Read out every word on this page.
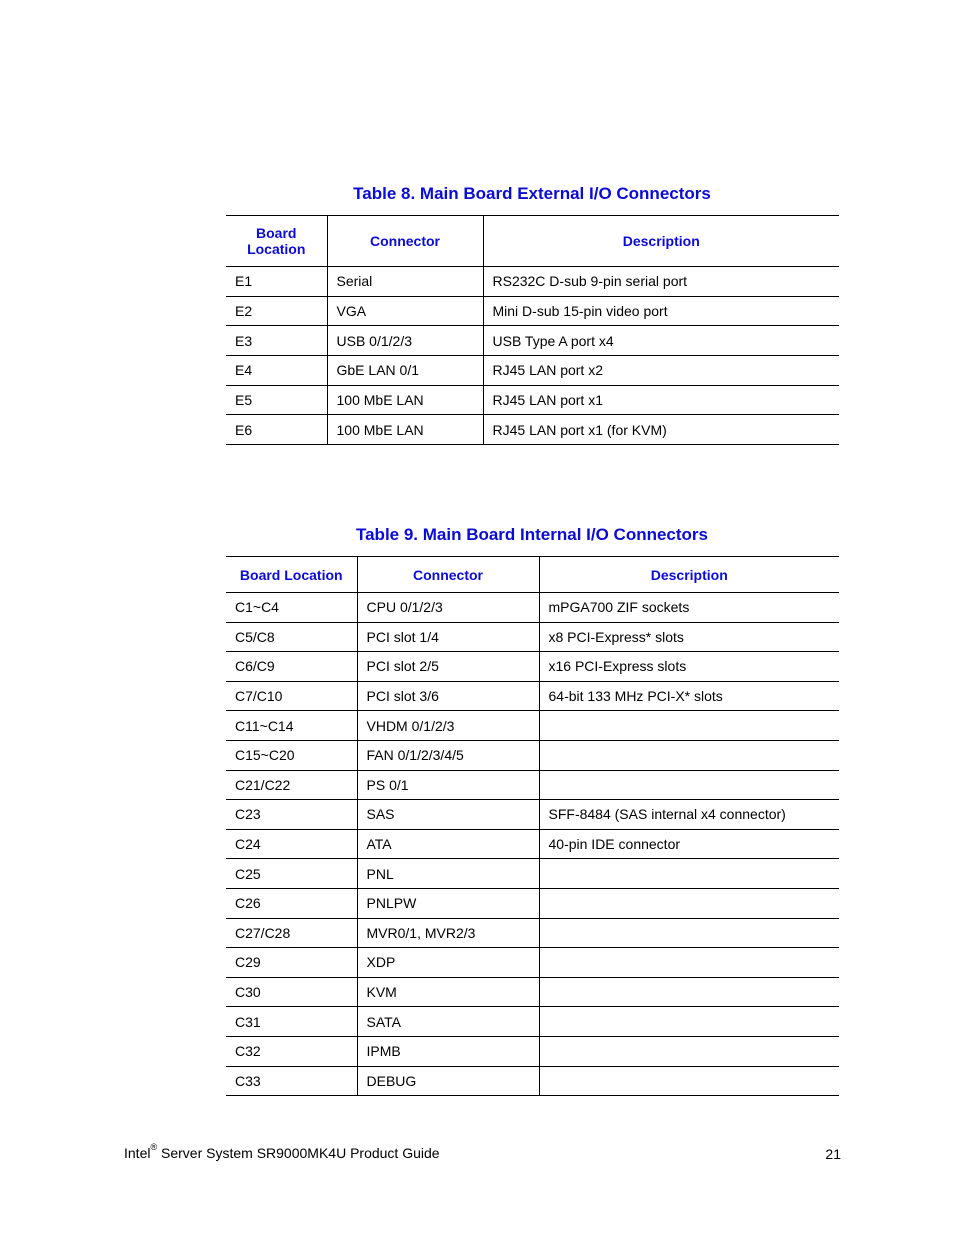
Table 8. Main Board External I/O Connectors
Board Location	Connector	Description
E1	Serial	RS232C D-sub 9-pin serial port
E2	VGA	Mini D-sub 15-pin video port
E3	USB 0/1/2/3	USB Type A port x4
E4	GbE LAN 0/1	RJ45 LAN port x2
E5	100 MbE LAN	RJ45 LAN port x1
E6	100 MbE LAN	RJ45 LAN port x1 (for KVM)
Table 9. Main Board Internal I/O Connectors
Board Location	Connector	Description
C1~C4	CPU 0/1/2/3	mPGA700 ZIF sockets
C5/C8	PCI slot 1/4	x8 PCI-Express* slots
C6/C9	PCI slot 2/5	x16 PCI-Express slots
C7/C10	PCI slot 3/6	64-bit 133 MHz PCI-X* slots
C11~C14	VHDM 0/1/2/3	
C15~C20	FAN 0/1/2/3/4/5	
C21/C22	PS 0/1	
C23	SAS	SFF-8484 (SAS internal x4 connector)
C24	ATA	40-pin IDE connector
C25	PNL	
C26	PNLPW	
C27/C28	MVR0/1, MVR2/3	
C29	XDP	
C30	KVM	
C31	SATA	
C32	IPMB	
C33	DEBUG	
Intel® Server System SR9000MK4U Product Guide	21
